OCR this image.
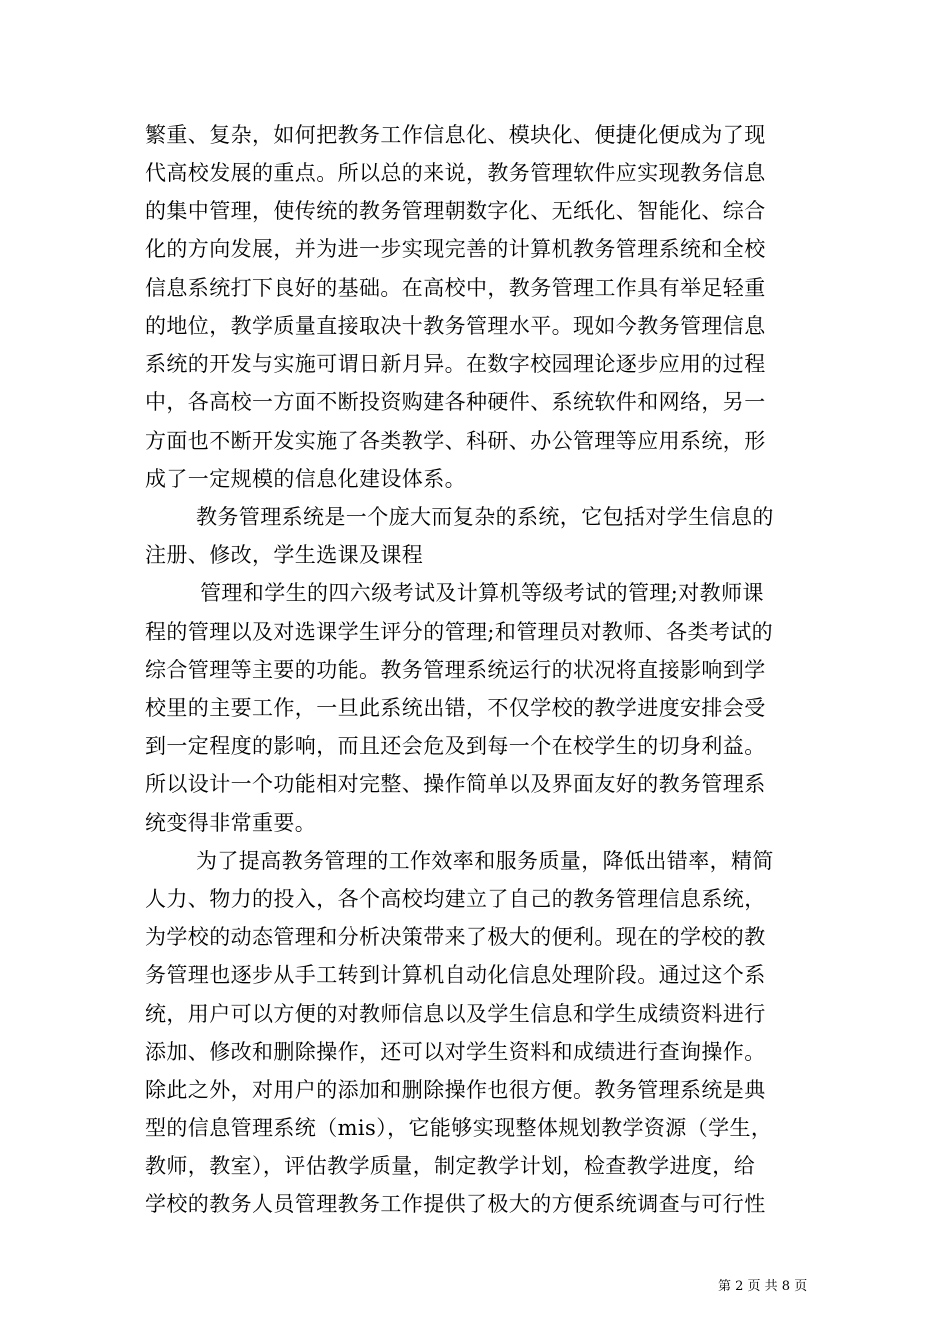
繁重、复杂，如何把教务工作信息化、模块化、便捷化便成为了现
代高校发展的重点。所以总的来说，教务管理软件应实现教务信息
的集中管理，使传统的教务管理朝数字化、无纸化、智能化、综合
化的方向发展，并为进一步实现完善的计算机教务管理系统和全校
信息系统打下良好的基础。在高校中，教务管理工作具有举足轻重
的地位，教学质量直接取决十教务管理水平。现如今教务管理信息
系统的开发与实施可谓日新月异。在数字校园理论逐步应用的过程
中，各高校一方面不断投资购建各种硬件、系统软件和网络，另一
方面也不断开发实施了各类教学、科研、办公管理等应用系统，形
成了一定规模的信息化建设体系。
教务管理系统是一个庞大而复杂的系统，它包括对学生信息的
注册、修改，学生选课及课程
管理和学生的四六级考试及计算机等级考试的管理;对教师课
程的管理以及对选课学生评分的管理;和管理员对教师、各类考试的
综合管理等主要的功能。教务管理系统运行的状况将直接影响到学
校里的主要工作，一旦此系统出错，不仅学校的教学进度安排会受
到一定程度的影响，而且还会危及到每一个在校学生的切身利益。
所以设计一个功能相对完整、操作简单以及界面友好的教务管理系
统变得非常重要。
为了提高教务管理的工作效率和服务质量，降低出错率，精简
人力、物力的投入，各个高校均建立了自己的教务管理信息系统，
为学校的动态管理和分析决策带来了极大的便利。现在的学校的教
务管理也逐步从手工转到计算机自动化信息处理阶段。通过这个系
统，用户可以方便的对教师信息以及学生信息和学生成绩资料进行
添加、修改和删除操作，还可以对学生资料和成绩进行查询操作。
除此之外，对用户的添加和删除操作也很方便。教务管理系统是典
型的信息管理系统（mis），它能够实现整体规划教学资源（学生，
教师，教室），评估教学质量，制定教学计划，检查教学进度，给
学校的教务人员管理教务工作提供了极大的方便系统调查与可行性
第 2 页 共 8 页
